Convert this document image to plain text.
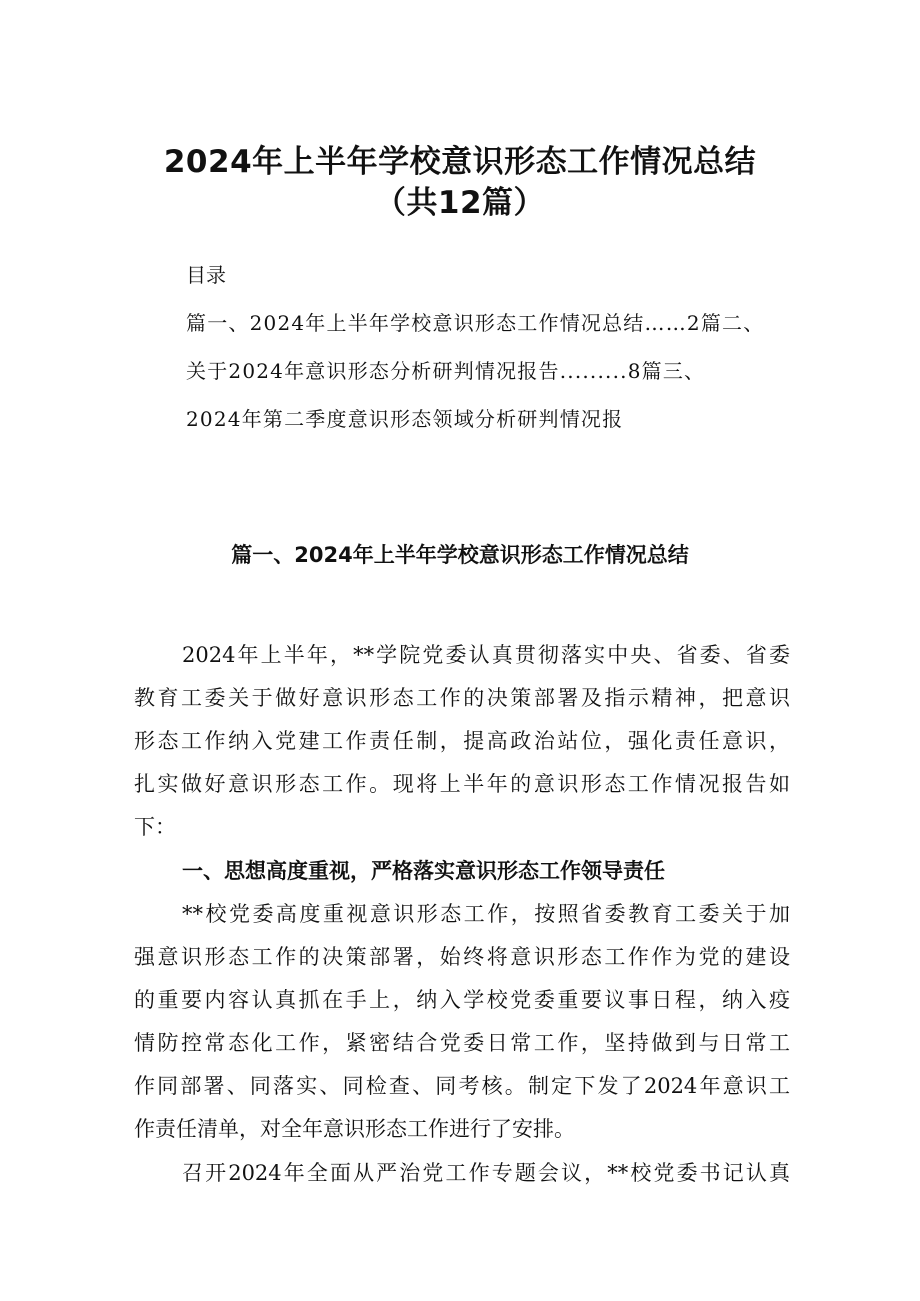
2024年上半年学校意识形态工作情况总结
（共12篇）
目录
篇一、2024年上半年学校意识形态工作情况总结……2篇二、
关于2024年意识形态分析研判情况报告.........8篇三、
2024年第二季度意识形态领域分析研判情况报
篇一、2024年上半年学校意识形态工作情况总结
2024年上半年，**学院党委认真贯彻落实中央、省委、省委
教育工委关于做好意识形态工作的决策部署及指示精神，把意识
形态工作纳入党建工作责任制，提高政治站位，强化责任意识，
扎实做好意识形态工作。现将上半年的意识形态工作情况报告如
下：
一、思想高度重视，严格落实意识形态工作领导责任
**校党委高度重视意识形态工作，按照省委教育工委关于加
强意识形态工作的决策部署，始终将意识形态工作作为党的建设
的重要内容认真抓在手上，纳入学校党委重要议事日程，纳入疫
情防控常态化工作，紧密结合党委日常工作，坚持做到与日常工
作同部署、同落实、同检查、同考核。制定下发了2024年意识工
作责任清单，对全年意识形态工作进行了安排。
召开2024年全面从严治党工作专题会议，**校党委书记认真
